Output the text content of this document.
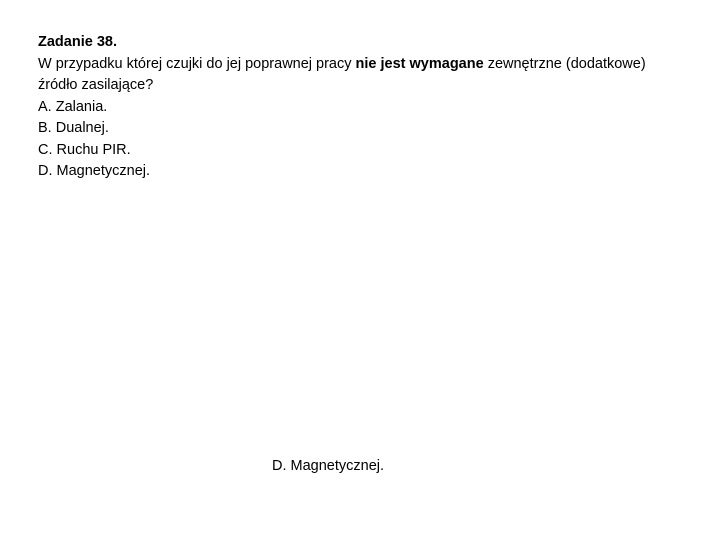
Zadanie 38.
W przypadku której czujki do jej poprawnej pracy nie jest wymagane zewnętrzne (dodatkowe) źródło zasilające?
A. Zalania.
B. Dualnej.
C. Ruchu PIR.
D. Magnetycznej.
D. Magnetycznej.
